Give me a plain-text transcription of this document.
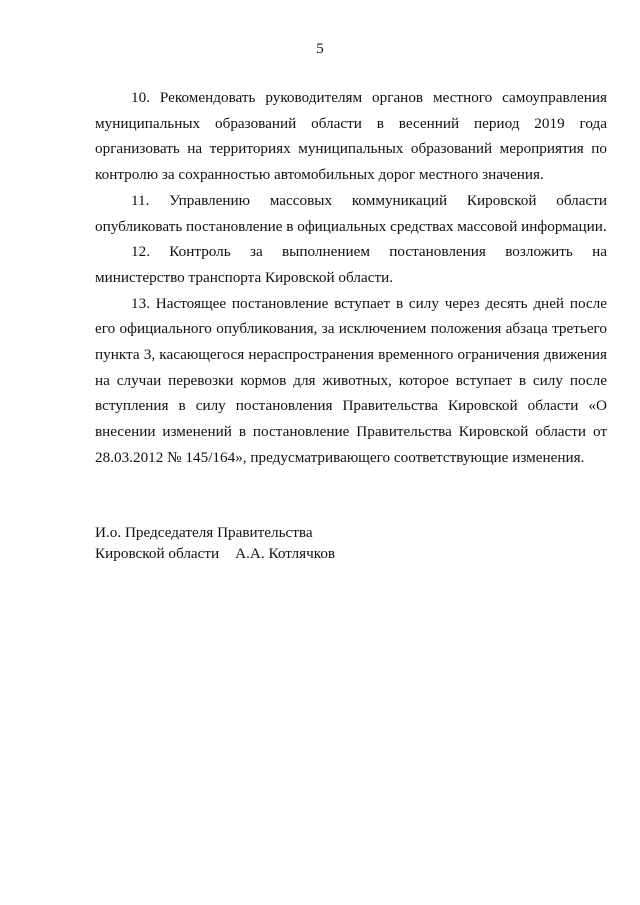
5

10. Рекомендовать руководителям органов местного самоуправления муниципальных образований области в весенний период 2019 года организовать на территориях муниципальных образований мероприятия по контролю за сохранностью автомобильных дорог местного значения.

11. Управлению массовых коммуникаций Кировской области опубликовать постановление в официальных средствах массовой информации.

12. Контроль за выполнением постановления возложить на министерство транспорта Кировской области.

13. Настоящее постановление вступает в силу через десять дней после его официального опубликования, за исключением положения абзаца третьего пункта 3, касающегося нераспространения временного ограничения движения на случаи перевозки кормов для животных, которое вступает в силу после вступления в силу постановления Правительства Кировской области «О внесении изменений в постановление Правительства Кировской области от 28.03.2012 № 145/164», предусматривающего соответствующие изменения.

И.о. Председателя Правительства
Кировской области А.А. Котлячков
